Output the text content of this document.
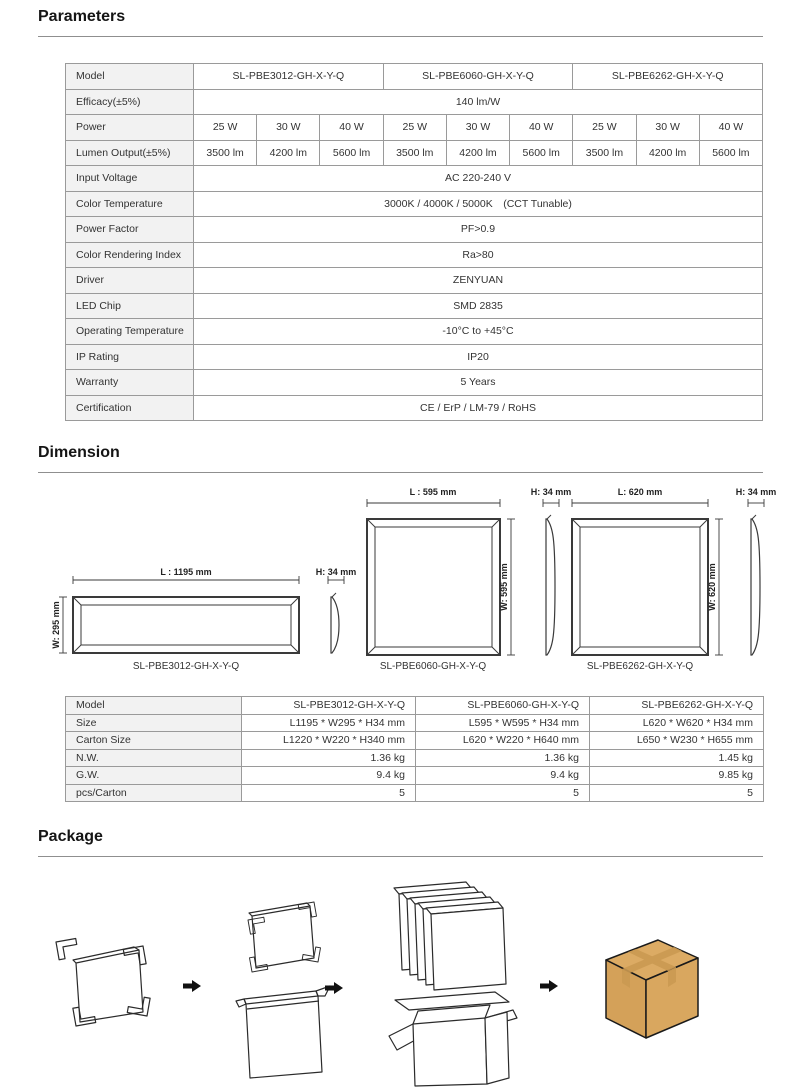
Parameters
Model	SL-PBE3012-GH-X-Y-Q			SL-PBE6060-GH-X-Y-Q			SL-PBE6262-GH-X-Y-Q		
Efficacy(±5%)	140 lm/W								
Power	25 W	30 W	40 W	25 W	30 W	40 W	25 W	30 W	40 W
Lumen Output(±5%)	3500 lm	4200 lm	5600 lm	3500 lm	4200 lm	5600 lm	3500 lm	4200 lm	5600 lm
Input Voltage	AC 220-240 V								
Color Temperature	3000K / 4000K / 5000K　(CCT Tunable)								
Power Factor	PF>0.9								
Color Rendering Index	Ra>80								
Driver	ZENYUAN								
LED Chip	SMD 2835								
Operating Temperature	-10°C to +45°C								
IP Rating	IP20								
Warranty	5 Years								
Certification	CE / ErP / LM-79 / RoHS								
Dimension
L : 1195 mm
W: 295 mm
H: 34 mm
SL-PBE3012-GH-X-Y-Q
L : 595 mm
W: 595 mm
H: 34 mm
SL-PBE6060-GH-X-Y-Q
L: 620 mm
W: 620 mm
H: 34 mm
SL-PBE6262-GH-X-Y-Q
Model	SL-PBE3012-GH-X-Y-Q	SL-PBE6060-GH-X-Y-Q	SL-PBE6262-GH-X-Y-Q
Size	L1195 * W295 * H34 mm	L595 * W595 * H34 mm	L620 * W620 * H34 mm
Carton Size	L1220 * W220 * H340 mm	L620 * W220 * H640 mm	L650 * W230 * H655 mm
N.W.	1.36 kg	1.36 kg	1.45 kg
G.W.	9.4 kg	9.4 kg	9.85 kg
pcs/Carton	5	5	5
Package
